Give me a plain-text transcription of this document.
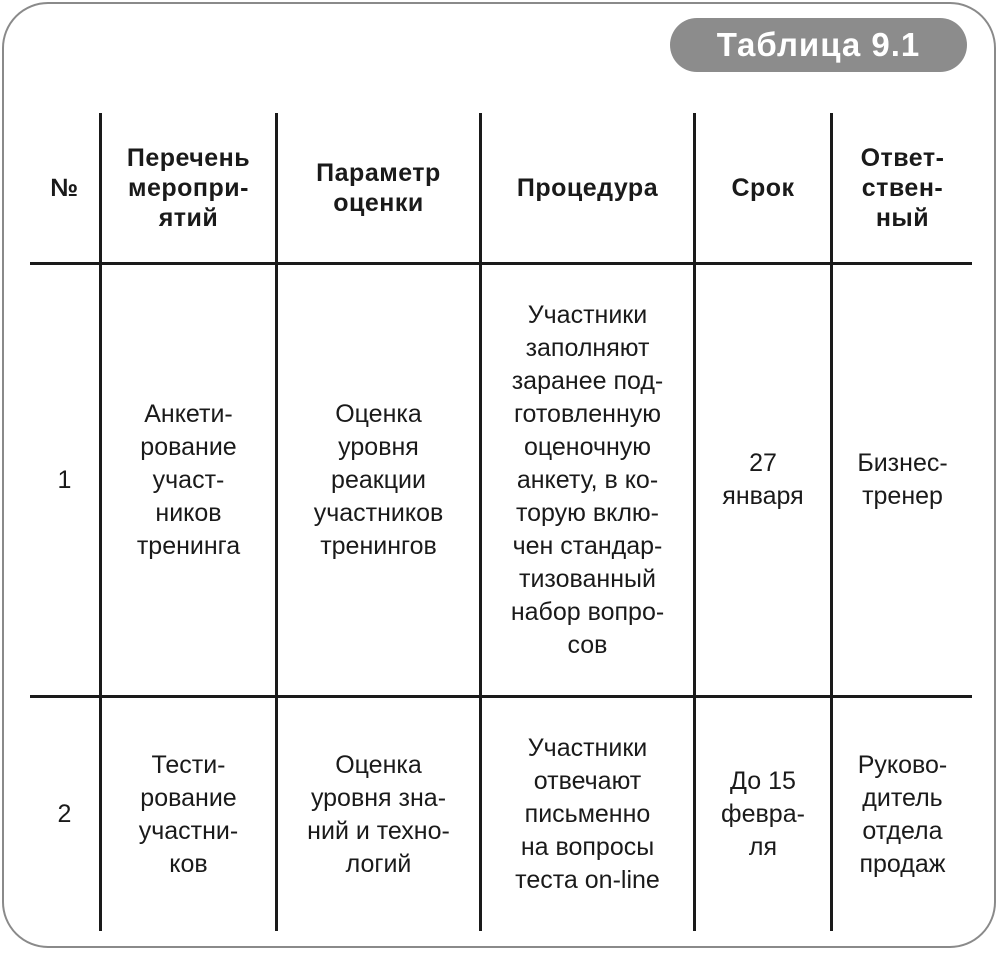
Таблица 9.1
№
Перечень
меропри-
ятий
Параметр
оценки
Процедура	Срок
Ответ-
ствен-
ный
1
Анкети-
рование
участ-
ников
тренинга
Оценка
уровня
реакции
участников
тренингов
Участники
заполняют
заранее под-
готовленную
оценочную
анкету, в ко-
торую вклю-
чен стандар-
тизованный
набор вопро-
сов
27
января
Бизнес-
тренер
2
Тести-
рование
участни-
ков
Оценка
уровня зна-
ний и техно-
логий
Участники
отвечают
письменно
на вопросы
теста on-line
До 15
февра-
ля
Руково-
дитель
отдела
продаж
